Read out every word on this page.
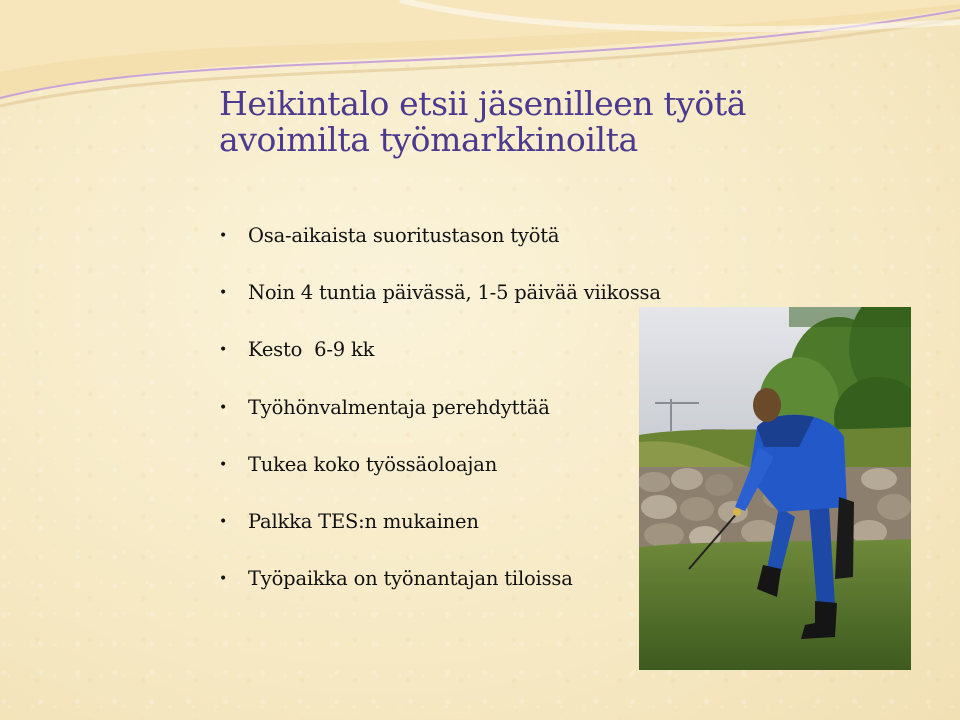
Heikintalo etsii jäsenilleen työtä
avoimilta työmarkkinoilta
• Osa-aikaista suoritustason työtä
• Noin 4 tuntia päivässä, 1-5 päivää viikossa
• Kesto  6-9 kk
• Työhönvalmentaja perehdyttää
• Tukea koko työssäoloajan
• Palkka TES:n mukainen
• Työpaikka on työnantajan tiloissa
